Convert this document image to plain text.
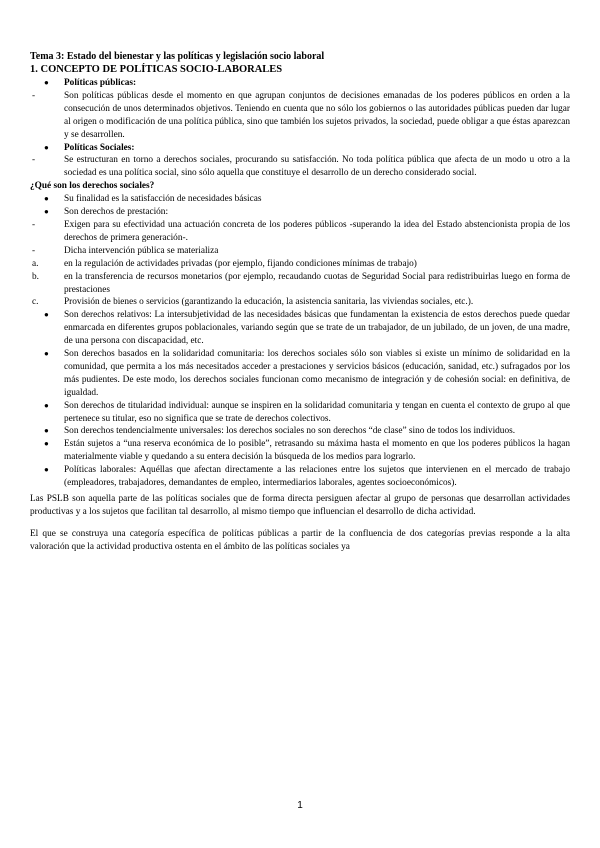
Tema 3: Estado del bienestar y las políticas y legislación socio laboral

1. CONCEPTO DE POLÍTICAS SOCIO-LABORALES

●	Políticas públicas:
-	Son políticas públicas desde el momento en que agrupan conjuntos de decisiones emanadas de los poderes públicos en orden a la consecución de unos determinados objetivos. Teniendo en cuenta que no sólo los gobiernos o las autoridades públicas pueden dar lugar al origen o modificación de una política pública, sino que también los sujetos privados, la sociedad, puede obligar a que éstas aparezcan y se desarrollen.
●	Políticas Sociales:
-	Se estructuran en torno a derechos sociales, procurando su satisfacción. No toda política pública que afecta de un modo u otro a la sociedad es una política social, sino sólo aquella que constituye el desarrollo de un derecho considerado social.
¿Qué son los derechos sociales?
●	Su finalidad es la satisfacción de necesidades básicas
●	Son derechos de prestación:
-	Exigen para su efectividad una actuación concreta de los poderes públicos -superando la idea del Estado abstencionista propia de los derechos de primera generación-.
-	Dicha intervención pública se materializa
a.	en la regulación de actividades privadas (por ejemplo, fijando condiciones mínimas de trabajo)
b.	en la transferencia de recursos monetarios (por ejemplo, recaudando cuotas de Seguridad Social para redistribuirlas luego en forma de prestaciones
c.	Provisión de bienes o servicios (garantizando la educación, la asistencia sanitaria, las viviendas sociales, etc.).
●	Son derechos relativos: La intersubjetividad de las necesidades básicas que fundamentan la existencia de estos derechos puede quedar enmarcada en diferentes grupos poblacionales, variando según que se trate de un trabajador, de un jubilado, de un joven, de una madre, de una persona con discapacidad, etc.
●	Son derechos basados en la solidaridad comunitaria: los derechos sociales sólo son viables si existe un mínimo de solidaridad en la comunidad, que permita a los más necesitados acceder a prestaciones y servicios básicos (educación, sanidad, etc.) sufragados por los más pudientes. De este modo, los derechos sociales funcionan como mecanismo de integración y de cohesión social: en definitiva, de igualdad.
●	Son derechos de titularidad individual: aunque se inspiren en la solidaridad comunitaria y tengan en cuenta el contexto de grupo al que pertenece su titular, eso no significa que se trate de derechos colectivos.
●	Son derechos tendencialmente universales: los derechos sociales no son derechos “de clase” sino de todos los individuos.
●	Están sujetos a “una reserva económica de lo posible”, retrasando su máxima hasta el momento en que los poderes públicos la hagan materialmente viable y quedando a su entera decisión la búsqueda de los medios para lograrlo.
●	Políticas laborales: Aquéllas que afectan directamente a las relaciones entre los sujetos que intervienen en el mercado de trabajo (empleadores, trabajadores, demandantes de empleo, intermediarios laborales, agentes socioeconómicos).

Las PSLB son aquella parte de las políticas sociales que de forma directa persiguen afectar al grupo de personas que desarrollan actividades productivas y a los sujetos que facilitan tal desarrollo, al mismo tiempo que influencian el desarrollo de dicha actividad.

El que se construya una categoría específica de políticas públicas a partir de la confluencia de dos categorías previas responde a la alta valoración que la actividad productiva ostenta en el ámbito de las políticas sociales ya

1
